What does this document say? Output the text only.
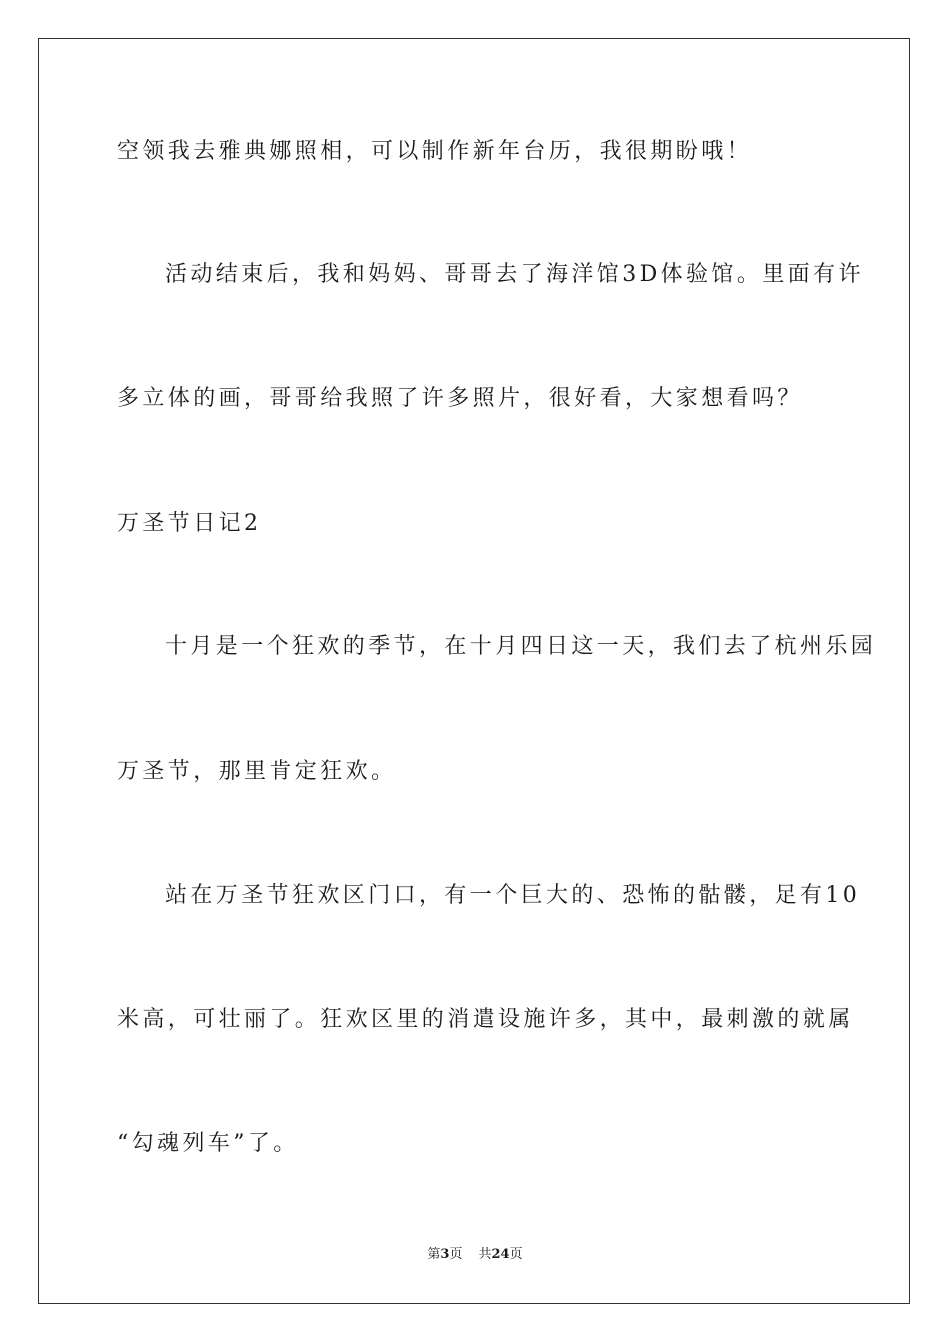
空领我去雅典娜照相，可以制作新年台历，我很期盼哦！
活动结束后，我和妈妈、哥哥去了海洋馆3D体验馆。里面有许
多立体的画，哥哥给我照了许多照片，很好看，大家想看吗？
万圣节日记2
十月是一个狂欢的季节，在十月四日这一天，我们去了杭州乐园
万圣节，那里肯定狂欢。
站在万圣节狂欢区门口，有一个巨大的、恐怖的骷髅，足有10
米高，可壮丽了。狂欢区里的消遣设施许多，其中，最刺激的就属
“勾魂列车”了。
第3页 共24页
